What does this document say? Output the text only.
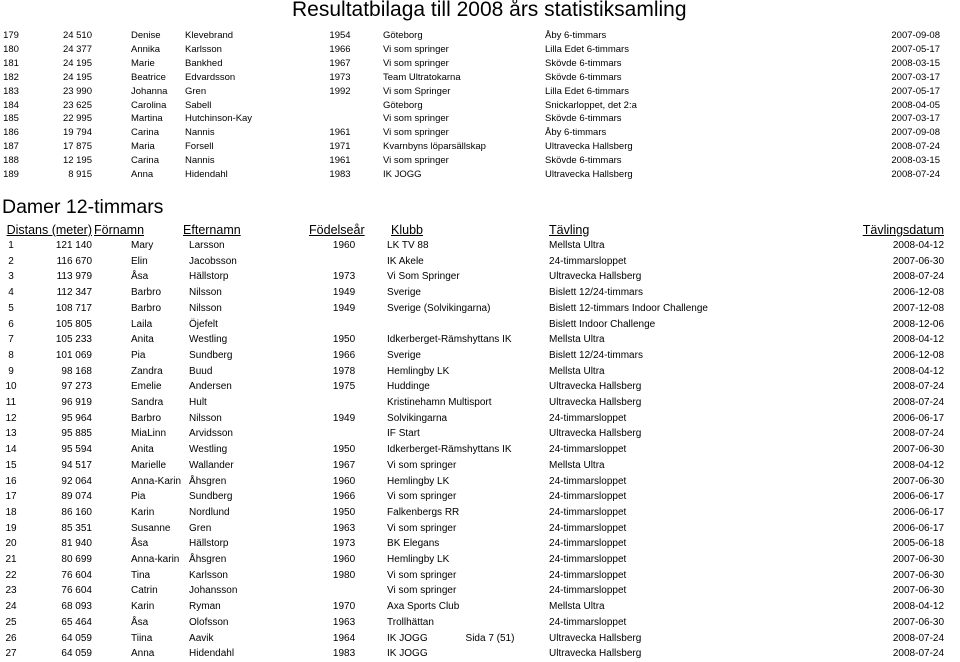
Resultatbilaga till 2008 års statistiksamling
179	24 510	Denise	Klevebrand	1954	Göteborg	Åby 6-timmars	2007-09-08
180	24 377	Annika	Karlsson	1966	Vi som springer	Lilla Edet 6-timmars	2007-05-17
181	24 195	Marie	Bankhed	1967	Vi som springer	Skövde 6-timmars	2008-03-15
182	24 195	Beatrice	Edvardsson	1973	Team Ultratokarna	Skövde 6-timmars	2007-03-17
183	23 990	Johanna	Gren	1992	Vi som Springer	Lilla Edet 6-timmars	2007-05-17
184	23 625	Carolina	Sabell		Göteborg	Snickarloppet, det 2:a	2008-04-05
185	22 995	Martina	Hutchinson-Kay		Vi som springer	Skövde 6-timmars	2007-03-17
186	19 794	Carina	Nannis	1961	Vi som springer	Åby 6-timmars	2007-09-08
187	17 875	Maria	Forsell	1971	Kvarnbyns löparsällskap	Ultravecka Hallsberg	2008-07-24
188	12 195	Carina	Nannis	1961	Vi som springer	Skövde 6-timmars	2008-03-15
189	8 915	Anna	Hidendahl	1983	IK JOGG	Ultravecka Hallsberg	2008-07-24
Damer 12-timmars
Distans (meter)		Förnamn	Efternamn	Födelseår	Klubb	Tävling	Tävlingsdatum
1	121 140	Mary	Larsson	1960	LK TV 88	Mellsta Ultra	2008-04-12
2	116 670	Elin	Jacobsson		IK Akele	24-timmarsloppet	2007-06-30
3	113 979	Åsa	Hällstorp	1973	Vi Som Springer	Ultravecka Hallsberg	2008-07-24
4	112 347	Barbro	Nilsson	1949	Sverige	Bislett 12/24-timmars	2006-12-08
5	108 717	Barbro	Nilsson	1949	Sverige (Solvikingarna)	Bislett 12-timmars Indoor Challenge	2007-12-08
6	105 805	Laila	Öjefelt			Bislett Indoor Challenge	2008-12-06
7	105 233	Anita	Westling	1950	Idkerberget-Rämshyttans IK	Mellsta Ultra	2008-04-12
8	101 069	Pia	Sundberg	1966	Sverige	Bislett 12/24-timmars	2006-12-08
9	98 168	Zandra	Buud	1978	Hemlingby LK	Mellsta Ultra	2008-04-12
10	97 273	Emelie	Andersen	1975	Huddinge	Ultravecka Hallsberg	2008-07-24
11	96 919	Sandra	Hult		Kristinehamn Multisport	Ultravecka Hallsberg	2008-07-24
12	95 964	Barbro	Nilsson	1949	Solvikingarna	24-timmarsloppet	2006-06-17
13	95 885	MiaLinn	Arvidsson		IF Start	Ultravecka Hallsberg	2008-07-24
14	95 594	Anita	Westling	1950	Idkerberget-Rämshyttans IK	24-timmarsloppet	2007-06-30
15	94 517	Marielle	Wallander	1967	Vi som springer	Mellsta Ultra	2008-04-12
16	92 064	Anna-Karin	Åhsgren	1960	Hemlingby LK	24-timmarsloppet	2007-06-30
17	89 074	Pia	Sundberg	1966	Vi som springer	24-timmarsloppet	2006-06-17
18	86 160	Karin	Nordlund	1950	Falkenbergs RR	24-timmarsloppet	2006-06-17
19	85 351	Susanne	Gren	1963	Vi som springer	24-timmarsloppet	2006-06-17
20	81 940	Åsa	Hällstorp	1973	BK Elegans	24-timmarsloppet	2005-06-18
21	80 699	Anna-karin	Åhsgren	1960	Hemlingby LK	24-timmarsloppet	2007-06-30
22	76 604	Tina	Karlsson	1980	Vi som springer	24-timmarsloppet	2007-06-30
23	76 604	Catrin	Johansson		Vi som springer	24-timmarsloppet	2007-06-30
24	68 093	Karin	Ryman	1970	Axa Sports Club	Mellsta Ultra	2008-04-12
25	65 464	Åsa	Olofsson	1963	Trollhättan	24-timmarsloppet	2007-06-30
26	64 059	Tiina	Aavik	1964	IK JOGG	Ultravecka Hallsberg	2008-07-24
27	64 059	Anna	Hidendahl	1983	IK JOGG	Ultravecka Hallsberg	2008-07-24
Sida 7 (51)
